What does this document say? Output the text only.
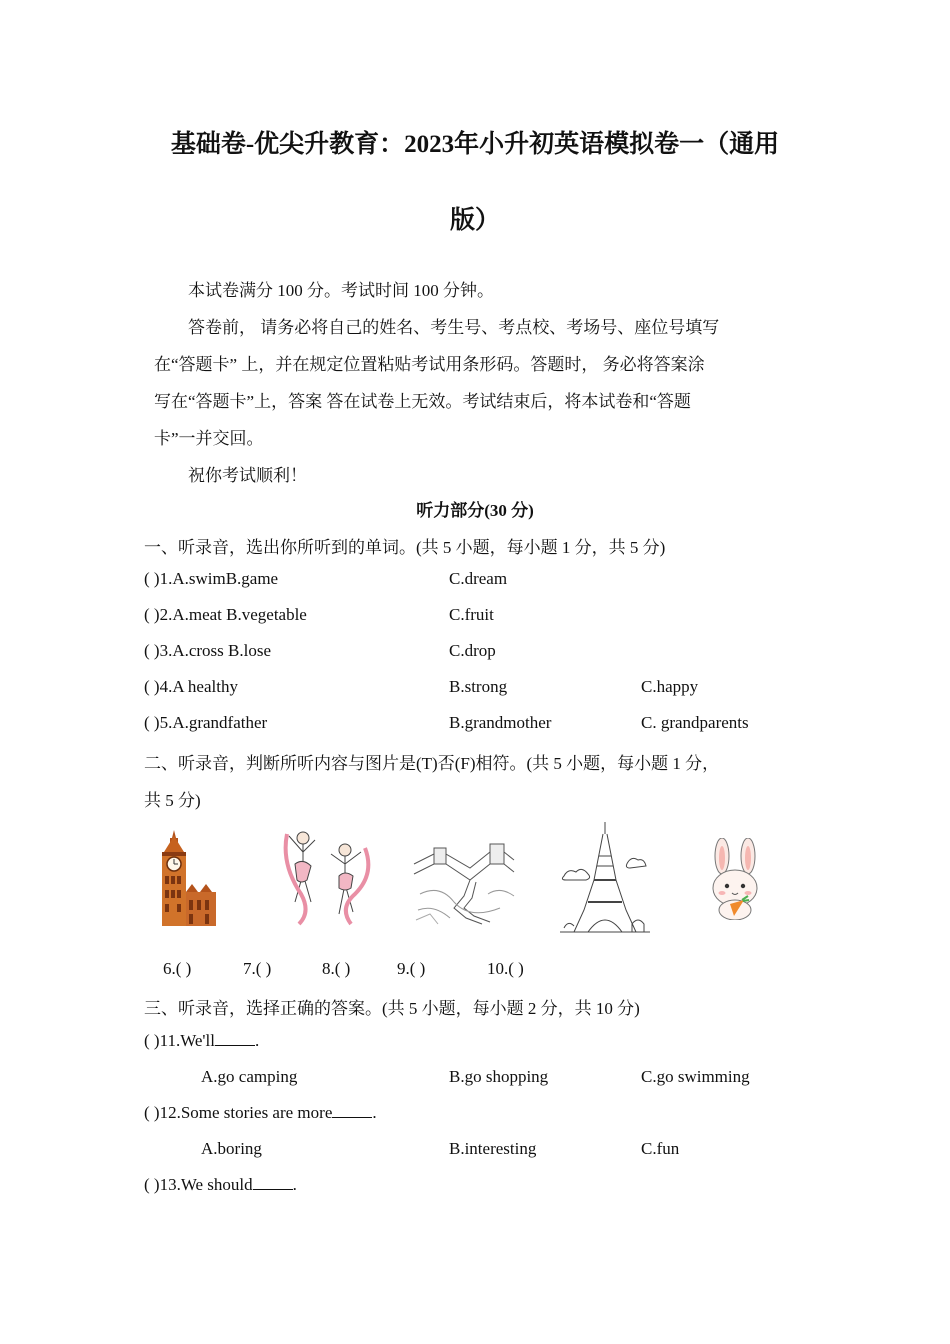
基础卷-优尖升教育：2023年小升初英语模拟卷一（通用
版）
本试卷满分 100 分。考试时间 100 分钟。
答卷前， 请务必将自己的姓名、考生号、考点校、考场号、座位号填写
在“答题卡” 上，并在规定位置粘贴考试用条形码。答题时， 务必将答案涂
写在“答题卡”上，答案 答在试卷上无效。考试结束后，将本试卷和“答题
卡”一并交回。
祝你考试顺利！
听力部分(30 分)
一、听录音，选出你所听到的单词。(共 5 小题，每小题 1 分，共 5 分)
( )1.A.swimB.game	C.dream
( )2.A.meat B.vegetable	C.fruit
( )3.A.cross B.lose	C.drop
( )4.A healthy	B.strong	C.happy
( )5.A.grandfather	B.grandmother	C. grandparents
二、听录音，判断所听内容与图片是(T)否(F)相符。(共 5 小题，每小题 1 分，
共 5 分)
6.( )	7.( )	8.( )	9.( )	10.( )
三、听录音，选择正确的答案。(共 5 小题，每小题 2 分，共 10 分)
( )11.We'll .
A.go camping	B.go shopping	C.go swimming
( )12.Some stories are more .
A.boring	B.interesting	C.fun
( )13.We should .
